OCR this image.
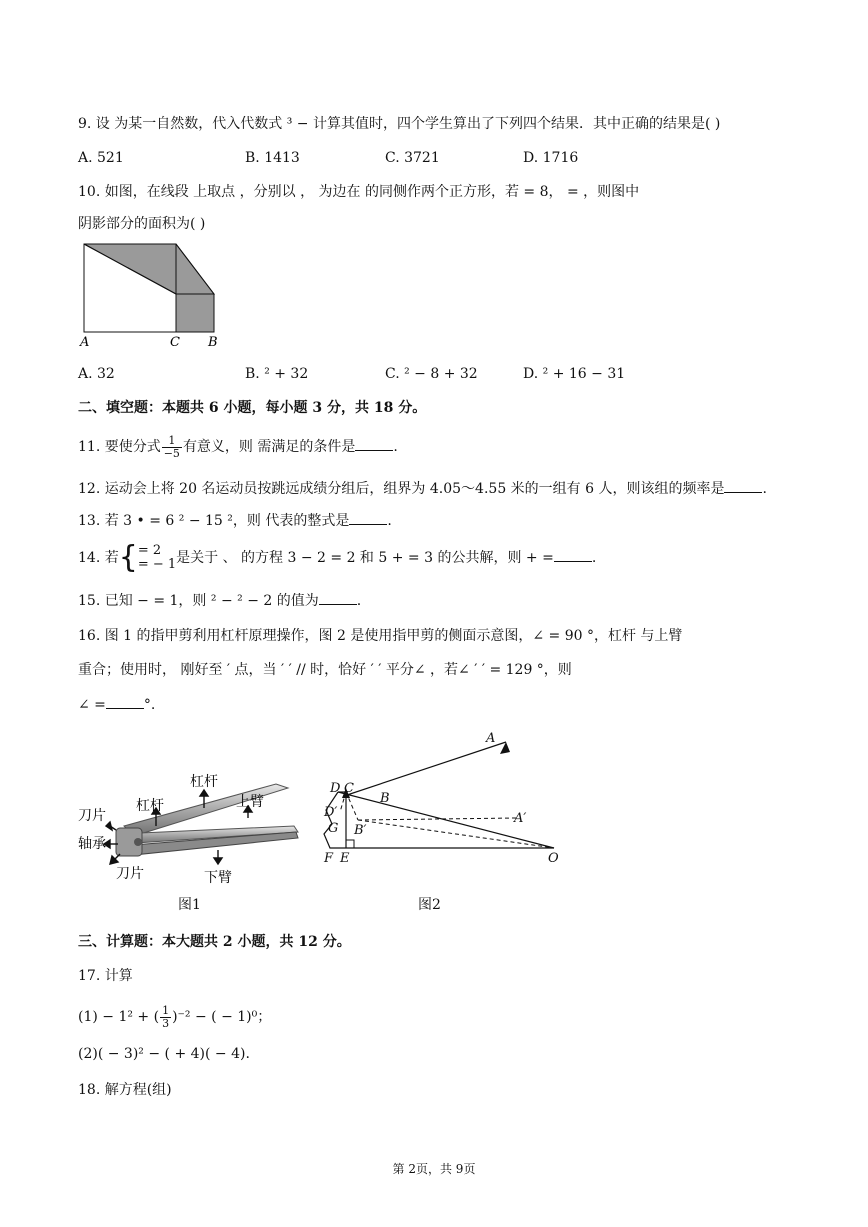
9. 设 为某一自然数，代入代数式 ³ − 计算其值时，四个学生算出了下列四个结果．其中正确的结果是( )
A. 521	B. 1413	C. 3721	D. 1716
10. 如图，在线段 上取点 ，分别以 ， 为边在 的同侧作两个正方形，若 = 8， = ，则图中
阴影部分的面积为( )
A	C B
A. 32	B. ² + 32	C. ² − 8 + 32	D. ² + 16 − 31
二、填空题：本题共 6 小题，每小题 3 分，共 18 分。
11. 要使分式 $\frac{1}{-5}$ 有意义，则 需满足的条件是	.
12. 运动会上将 20 名运动员按跳远成绩分组后，组界为 4.05～4.55 米的一组有 6 人，则该组的频率是	.
13. 若 3 • = 6 ² − 15 ²，则 代表的整式是	.
14. 若{ = 2
= − 1 是关于 、 的方程 3 − 2 = 2 和 5 + = 3 的公共解，则 + =	.
15. 已知 − = 1，则 ² − ² − 2 的值为	.
16. 图 1 的指甲剪利用杠杆原理操作，图 2 是使用指甲剪的侧面示意图，∠ = 90 °，杠杆 与上臂
重合；使用时， 刚好至 ′ 点，当 ′ ′ // 时，恰好 ′ ′ 平分∠ ，若∠ ′ ′ = 129 °，则
∠ =	°.
杠杆
杠杆	上臂
刀片
轴承
刀片	下臂
图1
A
D C
B
D′
G B′
A′
F E	O
图2
三、计算题：本大题共 2 小题，共 12 分。
17. 计算
(1) − 1² + ( $\frac{1}{3} )^{-2}$ − ( − 1)⁰；
(2)( − 3)² − ( + 4)( − 4).
18. 解方程(组)
第 2页，共 9页
